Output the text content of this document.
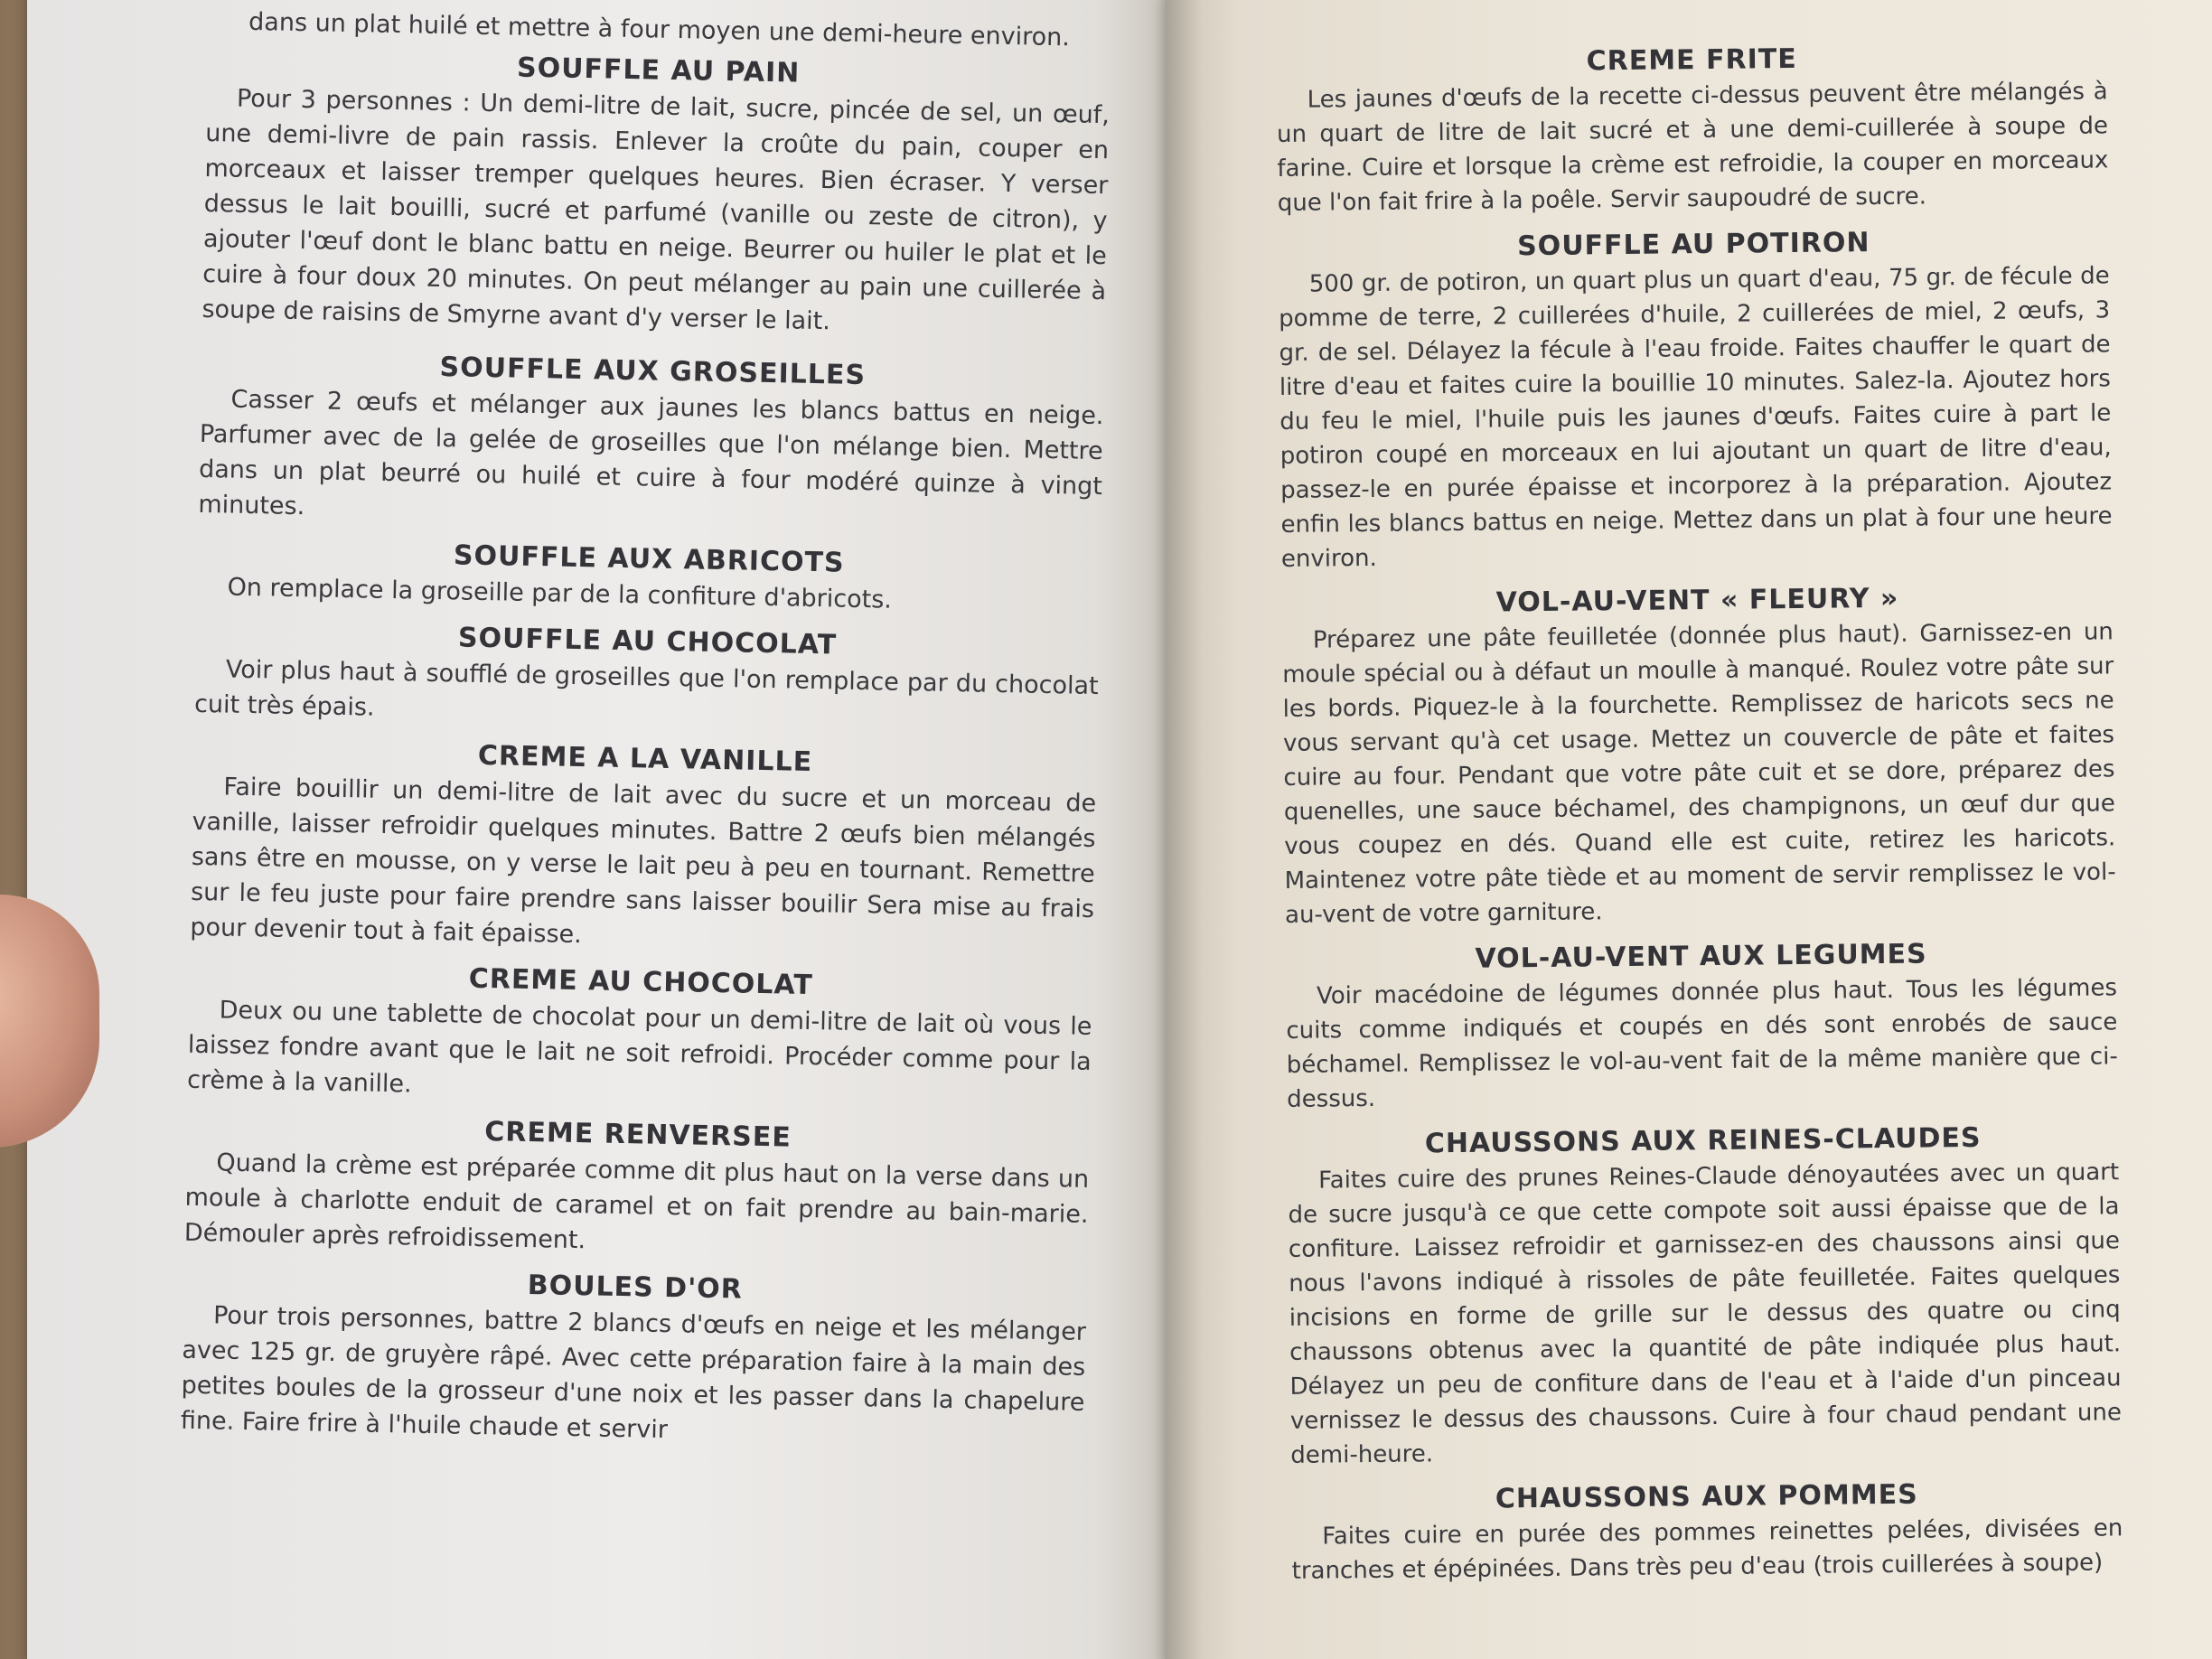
dans un plat huilé et mettre à four moyen une demi-heure environ.

SOUFFLE AU PAIN

Pour 3 personnes : Un demi-litre de lait, sucre, pincée de sel, un œuf, une demi-livre de pain rassis. Enlever la croûte du pain, couper en morceaux et laisser tremper quelques heures. Bien écraser. Y verser dessus le lait bouilli, sucré et parfumé (vanille ou zeste de citron), y ajouter l'œuf dont le blanc battu en neige. Beurrer ou huiler le plat et le cuire à four doux 20 minutes. On peut mélanger au pain une cuillerée à soupe de raisins de Smyrne avant d'y verser le lait.

SOUFFLE AUX GROSEILLES

Casser 2 œufs et mélanger aux jaunes les blancs battus en neige. Parfumer avec de la gelée de groseilles que l'on mélange bien. Mettre dans un plat beurré ou huilé et cuire à four modéré quinze à vingt minutes.

SOUFFLE AUX ABRICOTS

On remplace la groseille par de la confiture d'abricots.

SOUFFLE AU CHOCOLAT

Voir plus haut à soufflé de groseilles que l'on remplace par du chocolat cuit très épais.

CREME A LA VANILLE

Faire bouillir un demi-litre de lait avec du sucre et un morceau de vanille, laisser refroidir quelques minutes. Battre 2 œufs bien mélangés sans être en mousse, on y verse le lait peu à peu en tournant. Remettre sur le feu juste pour faire prendre sans laisser bouilir Sera mise au frais pour devenir tout à fait épaisse.

CREME AU CHOCOLAT

Deux ou une tablette de chocolat pour un demi-litre de lait où vous le laissez fondre avant que le lait ne soit refroidi. Procéder comme pour la crème à la vanille.

CREME RENVERSEE

Quand la crème est préparée comme dit plus haut on la verse dans un moule à charlotte enduit de caramel et on fait prendre au bain-marie. Démouler après refroidissement.

BOULES D'OR

Pour trois personnes, battre 2 blancs d'œufs en neige et les mélanger avec 125 gr. de gruyère râpé. Avec cette préparation faire à la main des petites boules de la grosseur d'une noix et les passer dans la chapelure fine. Faire frire à l'huile chaude et servir

CREME FRITE

Les jaunes d'œufs de la recette ci-dessus peuvent être mélangés à un quart de litre de lait sucré et à une demi-cuillerée à soupe de farine. Cuire et lorsque la crème est refroidie, la couper en morceaux que l'on fait frire à la poêle. Servir saupoudré de sucre.

SOUFFLE AU POTIRON

500 gr. de potiron, un quart plus un quart d'eau, 75 gr. de fécule de pomme de terre, 2 cuillerées d'huile, 2 cuillerées de miel, 2 œufs, 3 gr. de sel. Délayez la fécule à l'eau froide. Faites chauffer le quart de litre d'eau et faites cuire la bouillie 10 minutes. Salez-la. Ajoutez hors du feu le miel, l'huile puis les jaunes d'œufs. Faites cuire à part le potiron coupé en morceaux en lui ajoutant un quart de litre d'eau, passez-le en purée épaisse et incorporez à la préparation. Ajoutez enfin les blancs battus en neige. Mettez dans un plat à four une heure environ.

VOL-AU-VENT « FLEURY »

Préparez une pâte feuilletée (donnée plus haut). Garnissez-en un moule spécial ou à défaut un moulle à manqué. Roulez votre pâte sur les bords. Piquez-le à la fourchette. Remplissez de haricots secs ne vous servant qu'à cet usage. Mettez un couvercle de pâte et faites cuire au four. Pendant que votre pâte cuit et se dore, préparez des quenelles, une sauce béchamel, des champignons, un œuf dur que vous coupez en dés. Quand elle est cuite, retirez les haricots. Maintenez votre pâte tiède et au moment de servir remplissez le vol-au-vent de votre garniture.

VOL-AU-VENT AUX LEGUMES

Voir macédoine de légumes donnée plus haut. Tous les légumes cuits comme indiqués et coupés en dés sont enrobés de sauce béchamel. Remplissez le vol-au-vent fait de la même manière que ci-dessus.

CHAUSSONS AUX REINES-CLAUDES

Faites cuire des prunes Reines-Claude dénoyautées avec un quart de sucre jusqu'à ce que cette compote soit aussi épaisse que de la confiture. Laissez refroidir et garnissez-en des chaussons ainsi que nous l'avons indiqué à rissoles de pâte feuilletée. Faites quelques incisions en forme de grille sur le dessus des quatre ou cinq chaussons obtenus avec la quantité de pâte indiquée plus haut. Délayez un peu de confiture dans de l'eau et à l'aide d'un pinceau vernissez le dessus des chaussons. Cuire à four chaud pendant une demi-heure.

CHAUSSONS AUX POMMES

Faites cuire en purée des pommes reinettes pelées, divisées en tranches et épépinées. Dans très peu d'eau (trois cuillerées à soupe)
